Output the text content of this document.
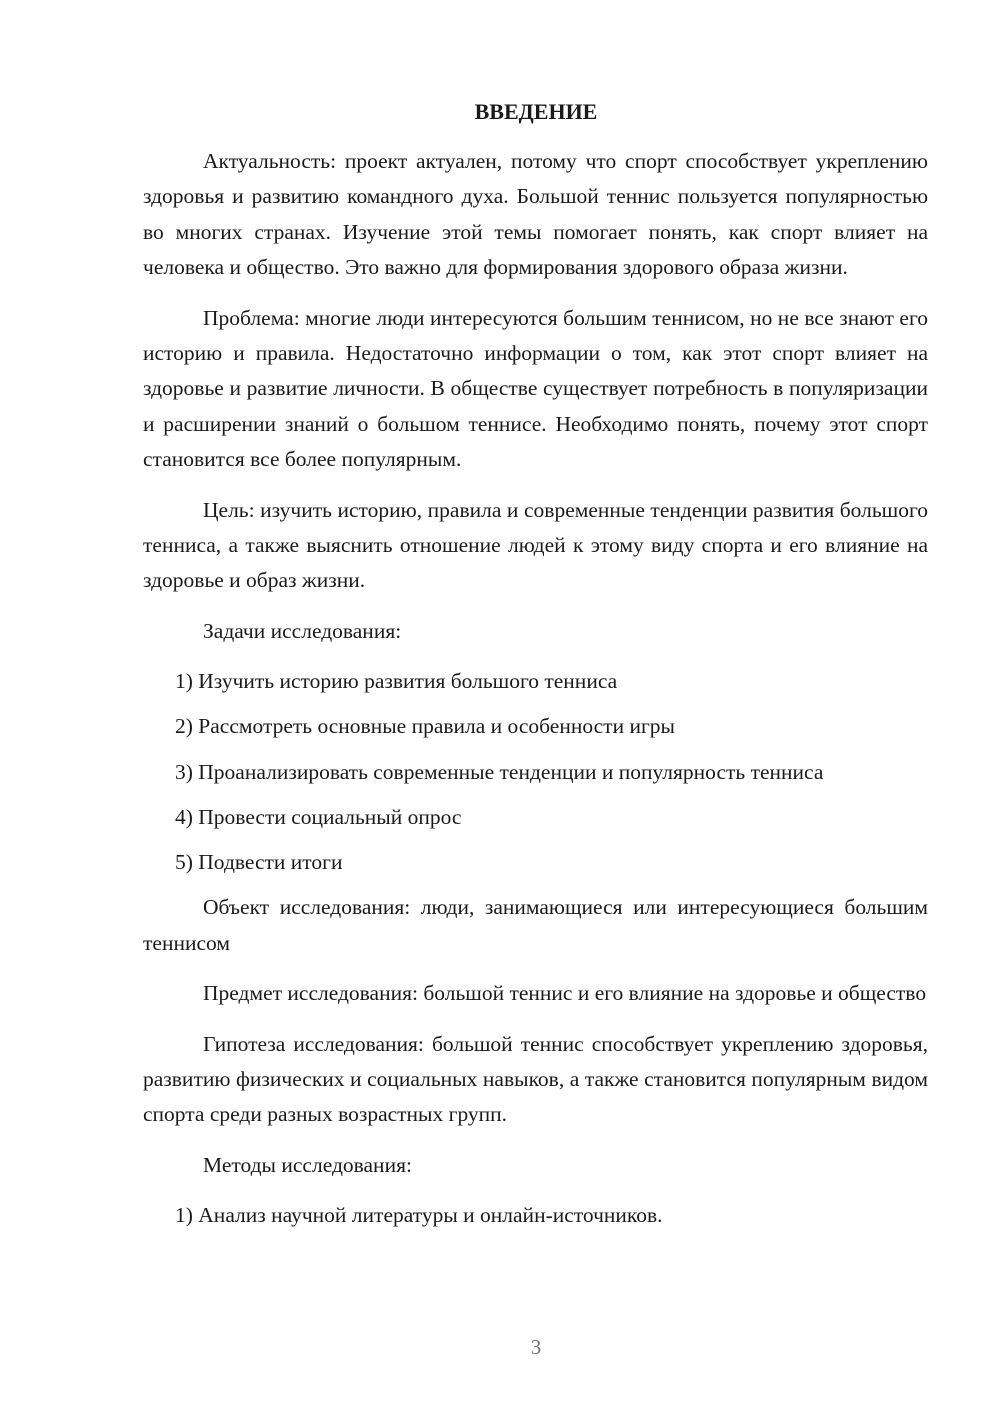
ВВЕДЕНИЕ

Актуальность: проект актуален, потому что спорт способствует укреплению здоровья и развитию командного духа. Большой теннис пользуется популярностью во многих странах. Изучение этой темы помогает понять, как спорт влияет на человека и общество. Это важно для формирования здорового образа жизни.

Проблема: многие люди интересуются большим теннисом, но не все знают его историю и правила. Недостаточно информации о том, как этот спорт влияет на здоровье и развитие личности. В обществе существует потребность в популяризации и расширении знаний о большом теннисе. Необходимо понять, почему этот спорт становится все более популярным.

Цель: изучить историю, правила и современные тенденции развития большого тенниса, а также выяснить отношение людей к этому виду спорта и его влияние на здоровье и образ жизни.

Задачи исследования:

1) Изучить историю развития большого тенниса
2) Рассмотреть основные правила и особенности игры
3) Проанализировать современные тенденции и популярность тенниса
4) Провести социальный опрос
5) Подвести итоги

Объект исследования: люди, занимающиеся или интересующиеся большим теннисом

Предмет исследования: большой теннис и его влияние на здоровье и общество

Гипотеза исследования: большой теннис способствует укреплению здоровья, развитию физических и социальных навыков, а также становится популярным видом спорта среди разных возрастных групп.

Методы исследования:

1) Анализ научной литературы и онлайн-источников.
3
